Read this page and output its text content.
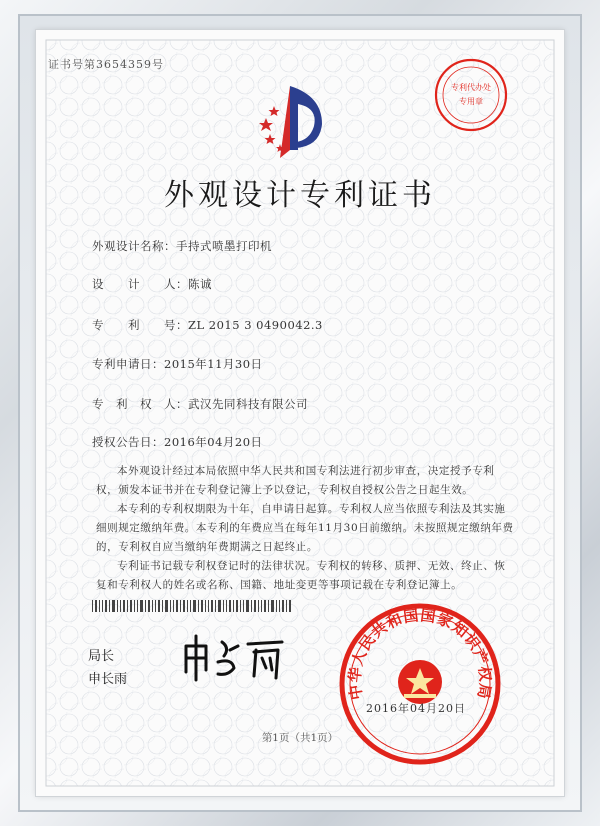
证书号第3654359号
专利代办处
专用章
外观设计专利证书
外观设计名称：手持式喷墨打印机
设　　计　　人：陈诚
专　　利　　号：ZL 2015 3 0490042.3
专利申请日：2015年11月30日
专　利　权　人：武汉先同科技有限公司
授权公告日：2016年04月20日

本外观设计经过本局依照中华人民共和国专利法进行初步审查，决定授予专利权，颁发本证书并在专利登记簿上予以登记，专利权自授权公告之日起生效。

本专利的专利权期限为十年，自申请日起算。专利权人应当依照专利法及其实施细则规定缴纳年费。本专利的年费应当在每年11月30日前缴纳。未按照规定缴纳年费的，专利权自应当缴纳年费期满之日起终止。

专利证书记载专利权登记时的法律状况。专利权的转移、质押、无效、终止、恢复和专利权人的姓名或名称、国籍、地址变更等事项记载在专利登记簿上。

局长
申长雨
中华人民共和国国家知识产权局
2016年04月20日
第1页（共1页）
